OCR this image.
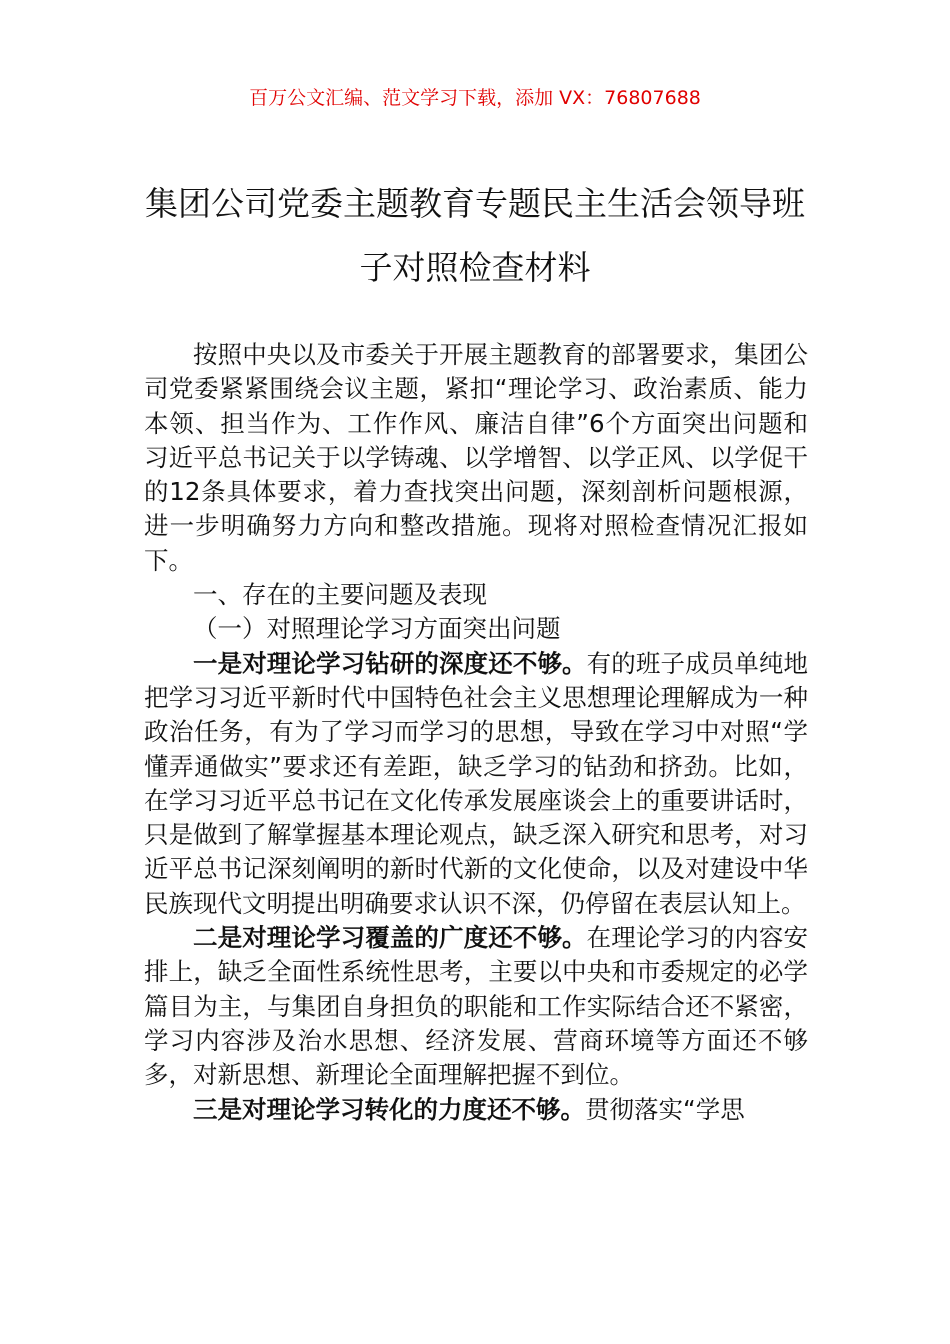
百万公文汇编、范文学习下载，添加 VX：76807688
集团公司党委主题教育专题民主生活会领导班子对照检查材料

按照中央以及市委关于开展主题教育的部署要求，集团公司党委紧紧围绕会议主题，紧扣“理论学习、政治素质、能力本领、担当作为、工作作风、廉洁自律”6个方面突出问题和习近平总书记关于以学铸魂、以学增智、以学正风、以学促干的12条具体要求，着力查找突出问题，深刻剖析问题根源，进一步明确努力方向和整改措施。现将对照检查情况汇报如下。

一、存在的主要问题及表现

（一）对照理论学习方面突出问题

一是对理论学习钻研的深度还不够。有的班子成员单纯地把学习习近平新时代中国特色社会主义思想理论理解成为一种政治任务，有为了学习而学习的思想，导致在学习中对照“学懂弄通做实”要求还有差距，缺乏学习的钻劲和挤劲。比如，在学习习近平总书记在文化传承发展座谈会上的重要讲话时，只是做到了解掌握基本理论观点，缺乏深入研究和思考，对习近平总书记深刻阐明的新时代新的文化使命，以及对建设中华民族现代文明提出明确要求认识不深，仍停留在表层认知上。

二是对理论学习覆盖的广度还不够。在理论学习的内容安排上，缺乏全面性系统性思考，主要以中央和市委规定的必学篇目为主，与集团自身担负的职能和工作实际结合还不紧密，学习内容涉及治水思想、经济发展、营商环境等方面还不够多，对新思想、新理论全面理解把握不到位。

三是对理论学习转化的力度还不够。贯彻落实“学思
